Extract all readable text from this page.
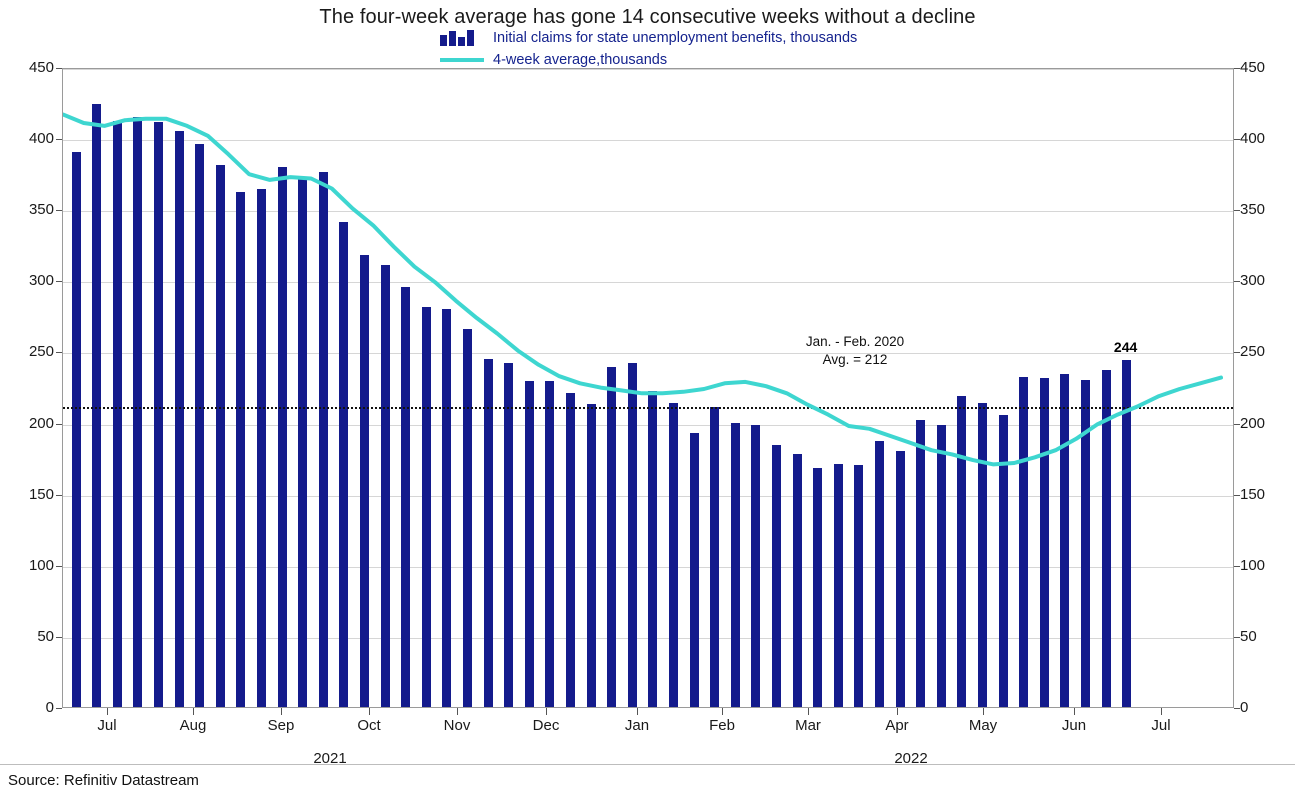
The four-week average has gone 14 consecutive weeks without a decline
Source: Refinitiv Datastream
0	0
50	50
100	100
150	150
200	200
250	250
300	300
350	350
400	400
450	450
244
Jul	Aug	Sep	Oct	Nov	Dec	Jan	Feb	Mar	Apr	May	Jun	Jul
2021	2022
Initial claims for state unemployment benefits, thousands
4-week average,thousands
Jan. - Feb. 2020
Avg. = 212
